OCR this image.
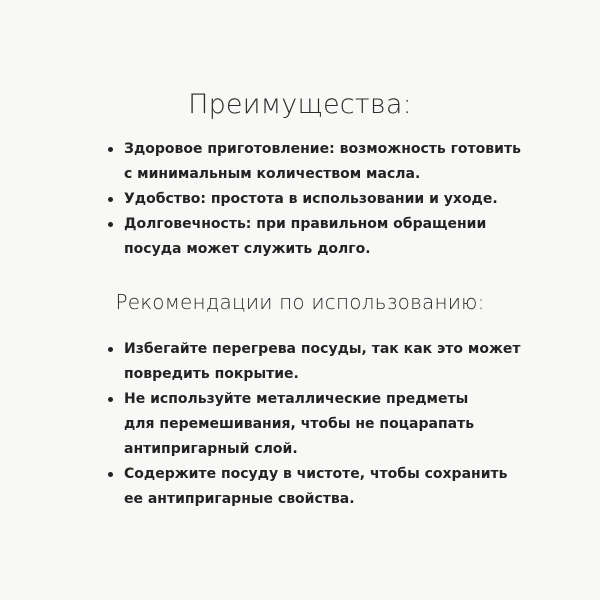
Преимущества:
Здоровое приготовление: возможность готовить
с минимальным количеством масла.
Удобство: простота в использовании и уходе.
Долговечность: при правильном обращении
посуда может служить долго.
Рекомендации по использованию:
Избегайте перегрева посуды, так как это может
повредить покрытие.
Не используйте металлические предметы
для перемешивания, чтобы не поцарапать
антипригарный слой.
Содержите посуду в чистоте, чтобы сохранить
ее антипригарные свойства.
